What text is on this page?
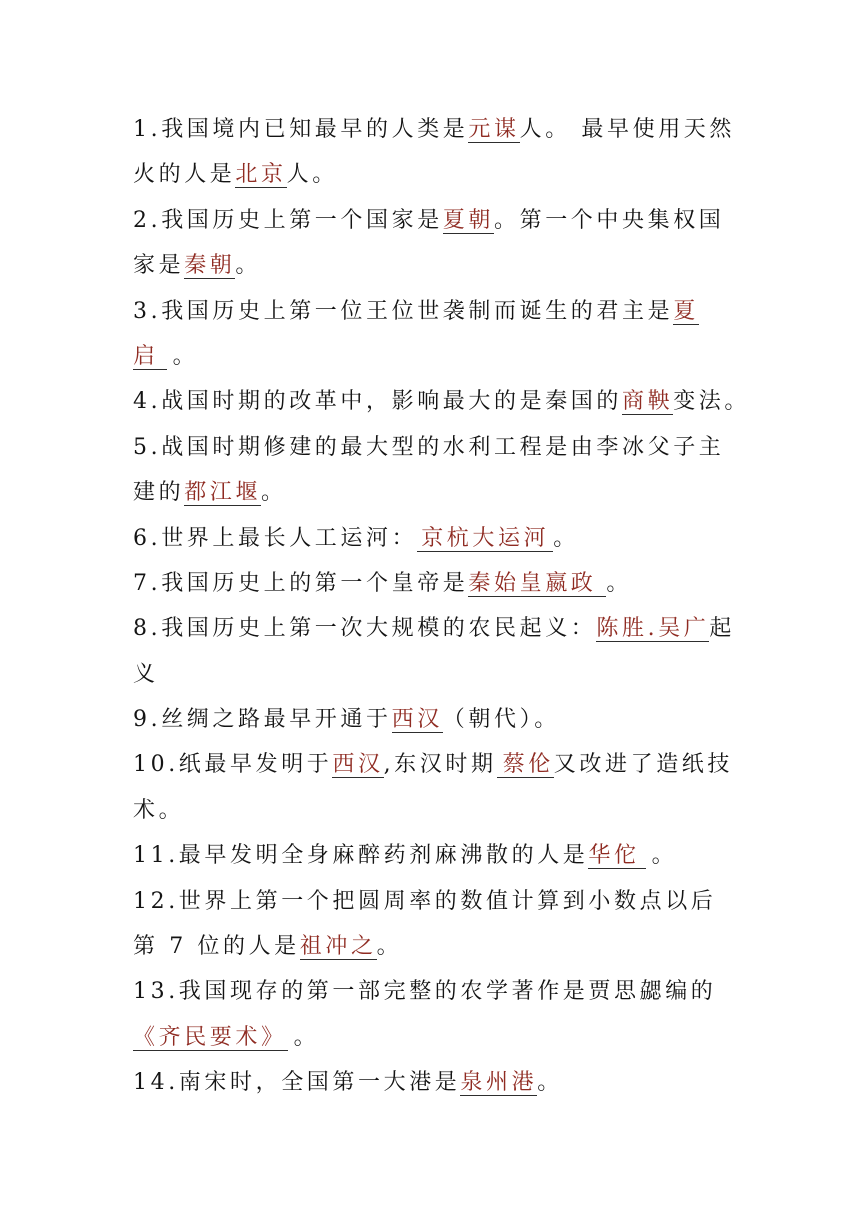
1.我国境内已知最早的人类是元谋人。 最早使用天然
火的人是北京人。
2.我国历史上第一个国家是夏朝。第一个中央集权国
家是秦朝。
3.我国历史上第一位王位世袭制而诞生的君主是夏
启 。
4.战国时期的改革中，影响最大的是秦国的商鞅变法。
5.战国时期修建的最大型的水利工程是由李冰父子主
建的都江堰。
6.世界上最长人工运河： 京杭大运河 。
7.我国历史上的第一个皇帝是秦始皇嬴政 。
8.我国历史上第一次大规模的农民起义：陈胜.吴广起
义
9.丝绸之路最早开通于西汉（朝代）。
10.纸最早发明于西汉,东汉时期 蔡伦又改进了造纸技
术。
11.最早发明全身麻醉药剂麻沸散的人是华佗 。
12.世界上第一个把圆周率的数值计算到小数点以后
第 7 位的人是祖冲之。
13.我国现存的第一部完整的农学著作是贾思勰编的
《齐民要术》 。
14.南宋时，全国第一大港是泉州港。
